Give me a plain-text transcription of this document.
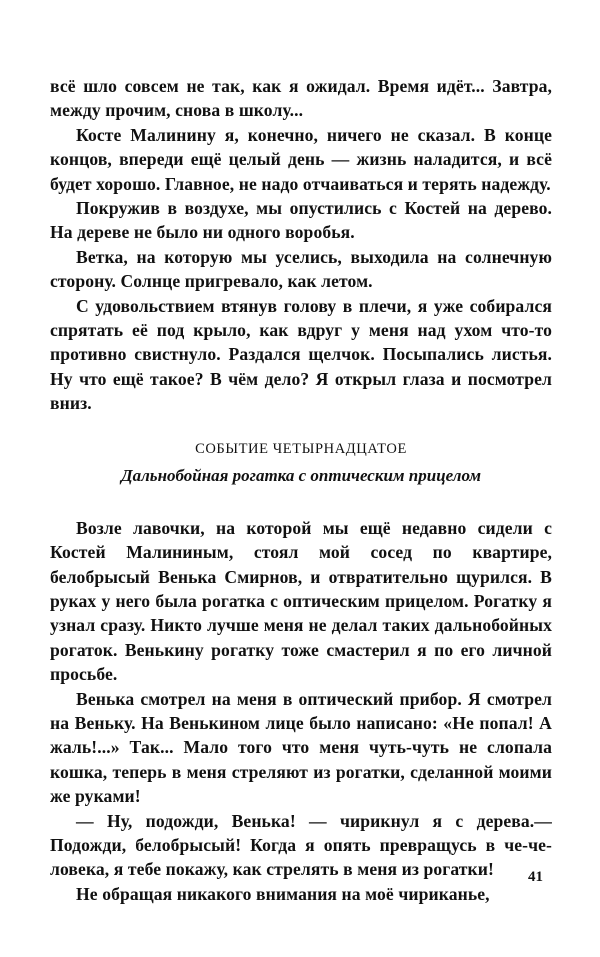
всё шло совсем не так, как я ожидал. Время идёт... Завтра, между прочим, снова в школу...

Косте Малинину я, конечно, ничего не сказал. В конце концов, впереди ещё целый день — жизнь наладится, и всё будет хорошо. Главное, не надо отчаиваться и терять надежду.

Покружив в воздухе, мы опустились с Костей на дерево. На дереве не было ни одного воробья.

Ветка, на которую мы уселись, выходила на солнечную сторону. Солнце пригревало, как летом.

С удовольствием втянув голову в плечи, я уже собирался спрятать её под крыло, как вдруг у меня над ухом что-то противно свистнуло. Раздался щелчок. Посыпались листья. Ну что ещё такое? В чём дело? Я открыл глаза и посмотрел вниз.

СОБЫТИЕ ЧЕТЫРНАДЦАТОЕ
Дальнобойная рогатка с оптическим прицелом

Возле лавочки, на которой мы ещё недавно сидели с Костей Малининым, стоял мой сосед по квартире, белобрысый Венька Смирнов, и отвратительно щурился. В руках у него была рогатка с оптическим прицелом. Рогатку я узнал сразу. Никто лучше меня не делал таких дальнобойных рогаток. Венькину рогатку тоже смастерил я по его личной просьбе.

Венька смотрел на меня в оптический прибор. Я смотрел на Веньку. На Венькином лице было написано: «Не попал! А жаль!...» Так... Мало того что меня чуть-чуть не слопала кошка, теперь в меня стреляют из рогатки, сделанной моими же руками!

— Ну, подожди, Венька! — чирикнул я с дерева.— Подожди, белобрысый! Когда я опять превращусь в че-че-ловека, я тебе покажу, как стрелять в меня из рогатки!

Не обращая никакого внимания на моё чириканье,

41
